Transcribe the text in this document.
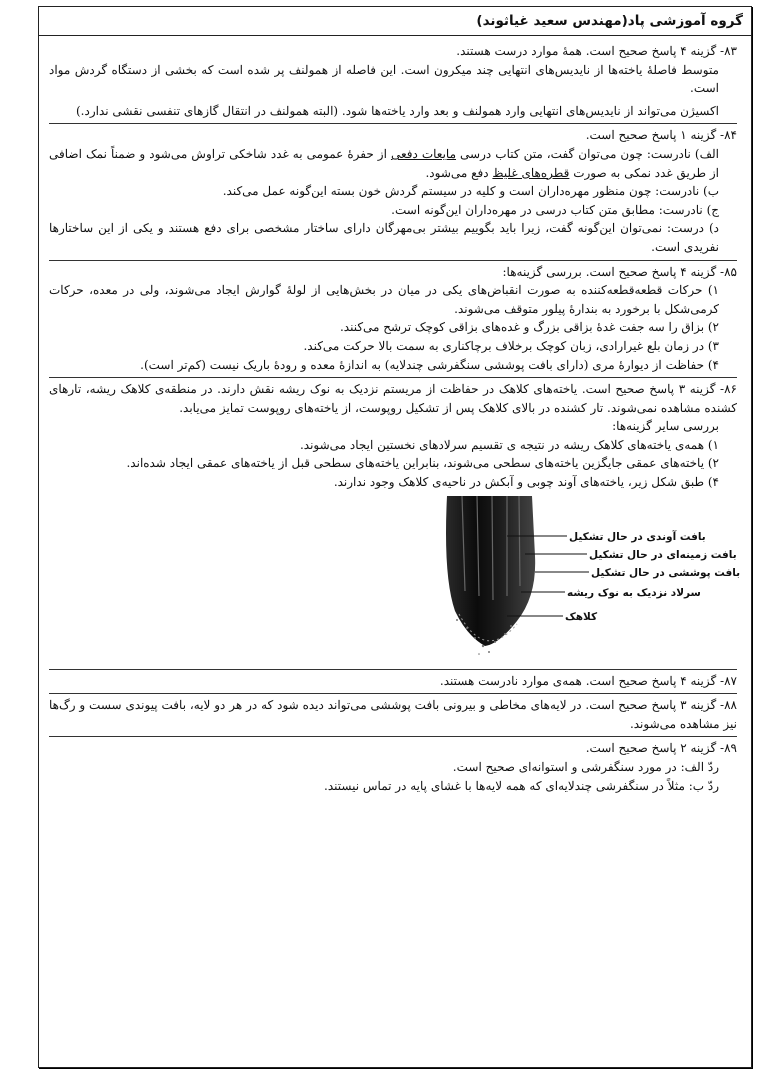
گروه آموزشی پاد(مهندس سعید غیاثوند)

۸۳- گزینه ۴ پاسخ صحیح است. همهٔ موارد درست هستند.

متوسط فاصلهٔ یاخته‌ها از نایدیس‌های انتهایی چند میکرون است. این فاصله از همولنف پر شده است که بخشی از دستگاه گردش مواد است.

اکسیژن می‌تواند از نایدیس‌های انتهایی وارد همولنف و بعد وارد یاخته‌ها شود. (البته همولنف در انتقال گازهای تنفسی نقشی ندارد.)

۸۴- گزینه ۱ پاسخ صحیح است.

الف) نادرست: چون می‌توان گفت، متن کتاب درسی مایعات دفعی از حفرهٔ عمومی به غدد شاخکی تراوش می‌شود و ضمناً نمک اضافی از طریق غدد نمکی به صورت قطره‌های غلیظ دفع می‌شود.

ب) نادرست: چون منظور مهره‌داران است و کلیه در سیستم گردش خون بسته این‌گونه عمل می‌کند.

ج) نادرست: مطابق متن کتاب درسی در مهره‌داران این‌گونه است.

د) درست: نمی‌توان این‌گونه گفت، زیرا باید بگوییم بیشتر بی‌مهرگان دارای ساختار مشخصی برای دفع هستند و یکی از این ساختارها نفریدی است.

۸۵- گزینه ۴ پاسخ صحیح است. بررسی گزینه‌ها:

۱) حرکات قطعه‌قطعه‌کننده به صورت انقباض‌های یکی در میان در بخش‌هایی از لولهٔ گوارش ایجاد می‌شوند، ولی در معده، حرکات کرمی‌شکل با برخورد به بندارهٔ پیلور متوقف می‌شوند.

۲) بزاق را سه جفت غدهٔ بزاقی بزرگ و غده‌های بزاقی کوچک ترشح می‌کنند.

۳) در زمان بلع غیرارادی، زبان کوچک برخلاف برچاکناری به سمت بالا حرکت می‌کند.

۴) حفاظت از دیوارهٔ مری (دارای بافت پوششی سنگفرشی چندلایه) به اندازهٔ معده و رودهٔ باریک نیست (کم‌تر است).

۸۶- گزینه ۳ پاسخ صحیح است. یاخته‌های کلاهک در حفاظت از مریستم نزدیک به نوک ریشه نقش دارند. در منطقه‌ی کلاهک ریشه، تارهای کشنده مشاهده نمی‌شوند. تار کشنده در بالای کلاهک پس از تشکیل روپوست، از یاخته‌های روپوست تمایز می‌یابد.

بررسی سایر گزینه‌ها:

۱) همه‌ی یاخته‌های کلاهک ریشه در نتیجه ی تقسیم سرلادهای نخستین ایجاد می‌شوند.

۲) یاخته‌های عمقی جایگزین یاخته‌های سطحی می‌شوند، بنابراین یاخته‌های سطحی قبل از یاخته‌های عمقی ایجاد شده‌اند.

۴) طبق شکل زیر، یاخته‌های آوند چوبی و آبکش در ناحیه‌ی کلاهک وجود ندارند.

بافت آوندی در حال تشکیل
بافت زمینه‌ای در حال تشکیل
بافت پوششی در حال تشکیل
سرلاد نزدیک به نوک ریشه
کلاهک

۸۷- گزینه ۴ پاسخ صحیح است. همه‌ی موارد نادرست هستند.

۸۸- گزینه ۳ پاسخ صحیح است. در لایه‌های مخاطی و بیرونی بافت پوششی می‌تواند دیده شود که در هر دو لایه، بافت پیوندی سست و رگ‌ها نیز مشاهده می‌شوند.

۸۹- گزینه ۲ پاسخ صحیح است.

ردّ الف: در مورد سنگفرشی و استوانه‌ای صحیح است.

ردّ ب: مثلاً در سنگفرشی چندلایه‌ای که همه لایه‌ها با غشای پایه در تماس نیستند.
